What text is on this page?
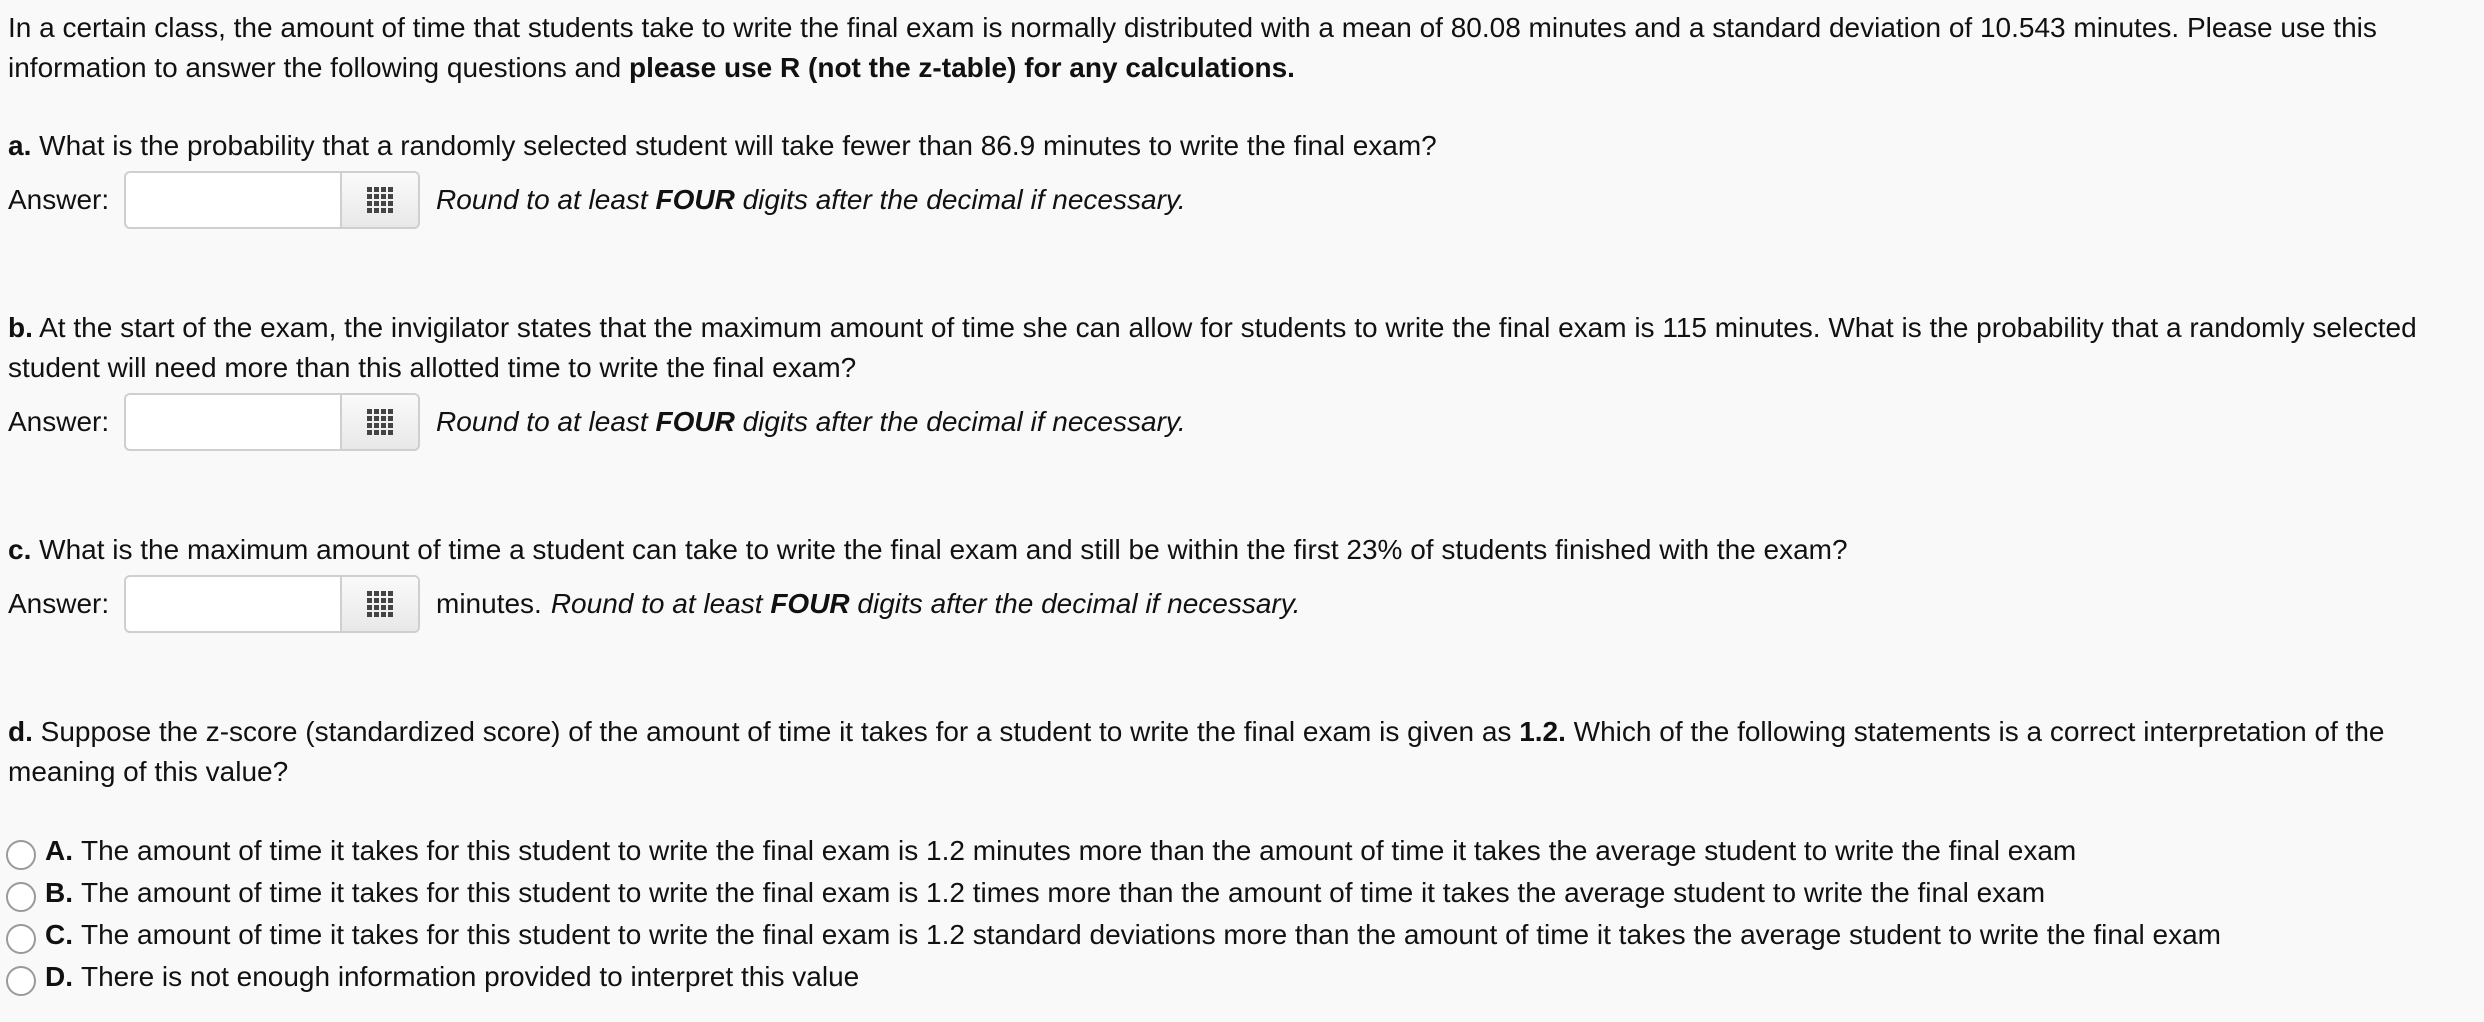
In a certain class, the amount of time that students take to write the final exam is normally distributed with a mean of 80.08 minutes and a standard deviation of 10.543 minutes. Please use this information to answer the following questions and please use R (not the z-table) for any calculations.

a. What is the probability that a randomly selected student will take fewer than 86.9 minutes to write the final exam?

Answer:	Round to at least FOUR digits after the decimal if necessary.

b. At the start of the exam, the invigilator states that the maximum amount of time she can allow for students to write the final exam is 115 minutes. What is the probability that a randomly selected student will need more than this allotted time to write the final exam?

Answer:	Round to at least FOUR digits after the decimal if necessary.

c. What is the maximum amount of time a student can take to write the final exam and still be within the first 23% of students finished with the exam?

Answer:	minutes. Round to at least FOUR digits after the decimal if necessary.

d. Suppose the z-score (standardized score) of the amount of time it takes for a student to write the final exam is given as 1.2. Which of the following statements is a correct interpretation of the meaning of this value?

A. The amount of time it takes for this student to write the final exam is 1.2 minutes more than the amount of time it takes the average student to write the final exam
B. The amount of time it takes for this student to write the final exam is 1.2 times more than the amount of time it takes the average student to write the final exam
C. The amount of time it takes for this student to write the final exam is 1.2 standard deviations more than the amount of time it takes the average student to write the final exam
D. There is not enough information provided to interpret this value
